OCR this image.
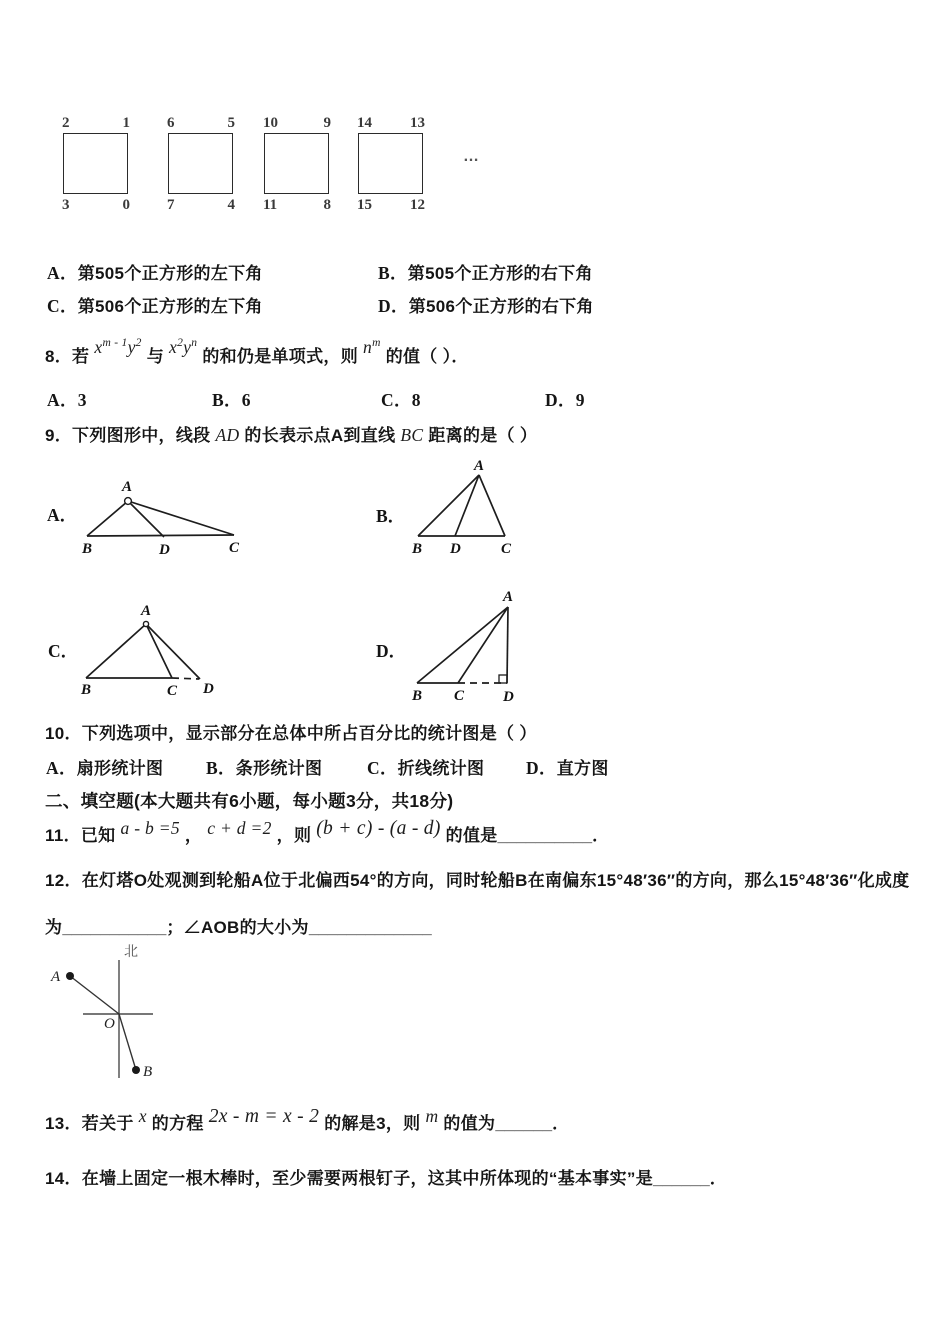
2	1
3	0
6	5
7	4
10	9
11	8
14	13
15	12
…
A．第505个正方形的左下角	B．第505个正方形的右下角
C．第506个正方形的左下角	D．第506个正方形的右下角
8．若 $x^{m - 1}y^2$与 $x^2y^n$的和仍是单项式，则 $n^m$的值（ ）．
A．3	B．6	C．8	D．9
9．下列图形中，线段 AD 的长表示点A到直线 BC 距离的是（ ）
A．	B．
C．	D．
A
B	D	C
A
B D	C
A
B	C D
A
B C	D
10．下列选项中，显示部分在总体中所占百分比的统计图是（ ）
A．扇形统计图 B．条形统计图	C．折线统计图 D．直方图
二、填空题(本大题共有6小题，每小题3分，共18分)
11．已知 a - b =5 ， c + d =2 ，则 (b + c) - (a - d) 的值是__________．
12．在灯塔O处观测到轮船A位于北偏西54°的方向，同时轮船B在南偏东15°48′36″的方向，那么15°48′36″化成度
为___________；∠AOB的大小为_____________
北
A
O
B
13．若关于 x 的方程 2x - m = x - 2 的解是3，则 m 的值为______．
14．在墙上固定一根木棒时，至少需要两根钉子，这其中所体现的“基本事实”是______．
